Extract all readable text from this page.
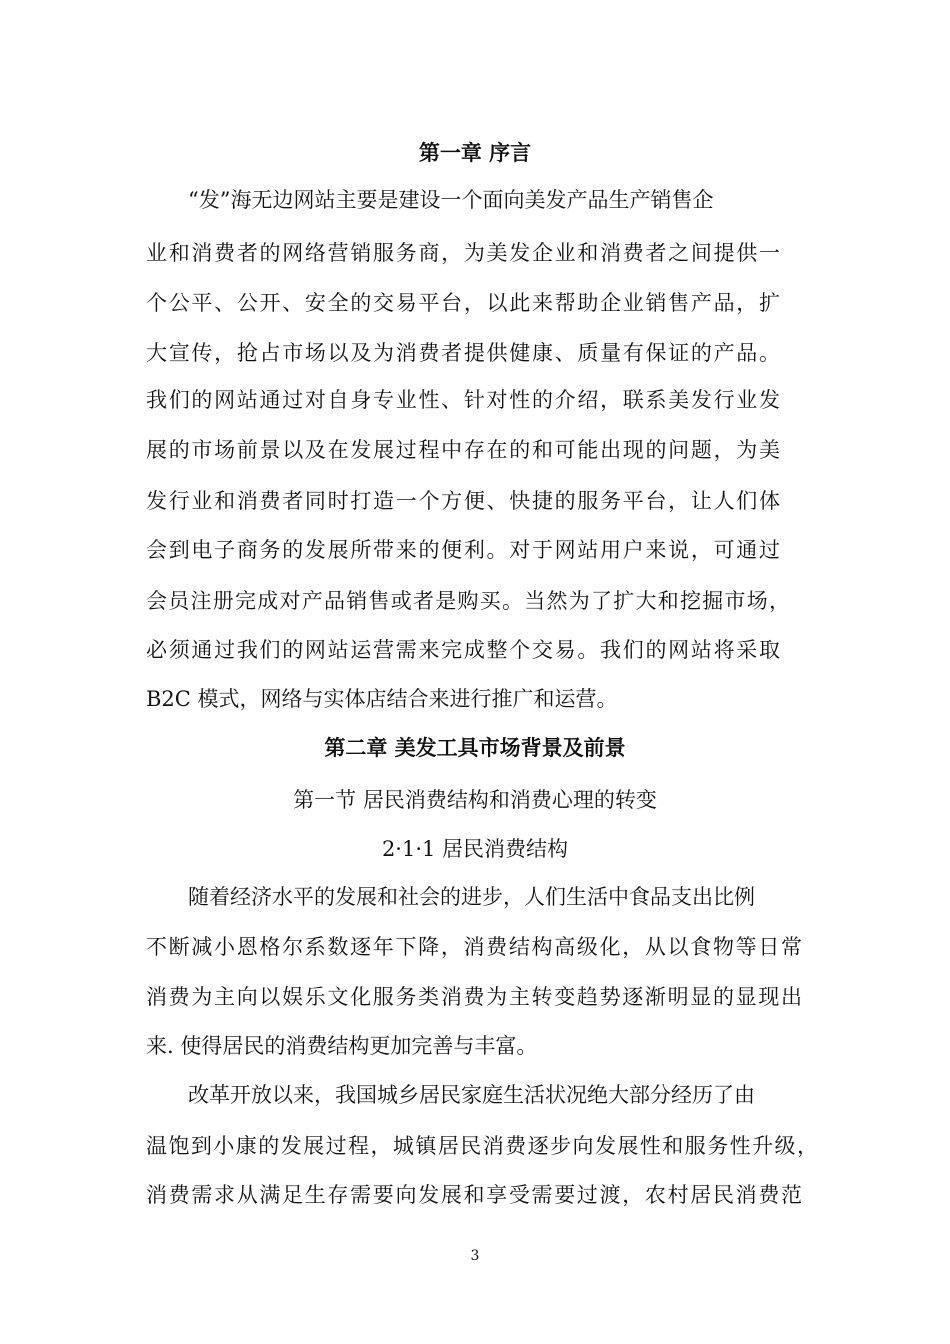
第一章 序言
“发”海无边网站主要是建设一个面向美发产品生产销售企
业和消费者的网络营销服务商，为美发企业和消费者之间提供一
个公平、公开、安全的交易平台，以此来帮助企业销售产品，扩
大宣传，抢占市场以及为消费者提供健康、质量有保证的产品。
我们的网站通过对自身专业性、针对性的介绍，联系美发行业发
展的市场前景以及在发展过程中存在的和可能出现的问题，为美
发行业和消费者同时打造一个方便、快捷的服务平台，让人们体
会到电子商务的发展所带来的便利。对于网站用户来说，可通过
会员注册完成对产品销售或者是购买。当然为了扩大和挖掘市场，
必须通过我们的网站运营需来完成整个交易。我们的网站将采取
B2C 模式，网络与实体店结合来进行推广和运营。
第二章 美发工具市场背景及前景
第一节 居民消费结构和消费心理的转变
2·1·1 居民消费结构
随着经济水平的发展和社会的进步，人们生活中食品支出比例
不断减小恩格尔系数逐年下降，消费结构高级化，从以食物等日常
消费为主向以娱乐文化服务类消费为主转变趋势逐渐明显的显现出
来. 使得居民的消费结构更加完善与丰富。
改革开放以来，我国城乡居民家庭生活状况绝大部分经历了由
温饱到小康的发展过程，城镇居民消费逐步向发展性和服务性升级，
消费需求从满足生存需要向发展和享受需要过渡，农村居民消费范
3
